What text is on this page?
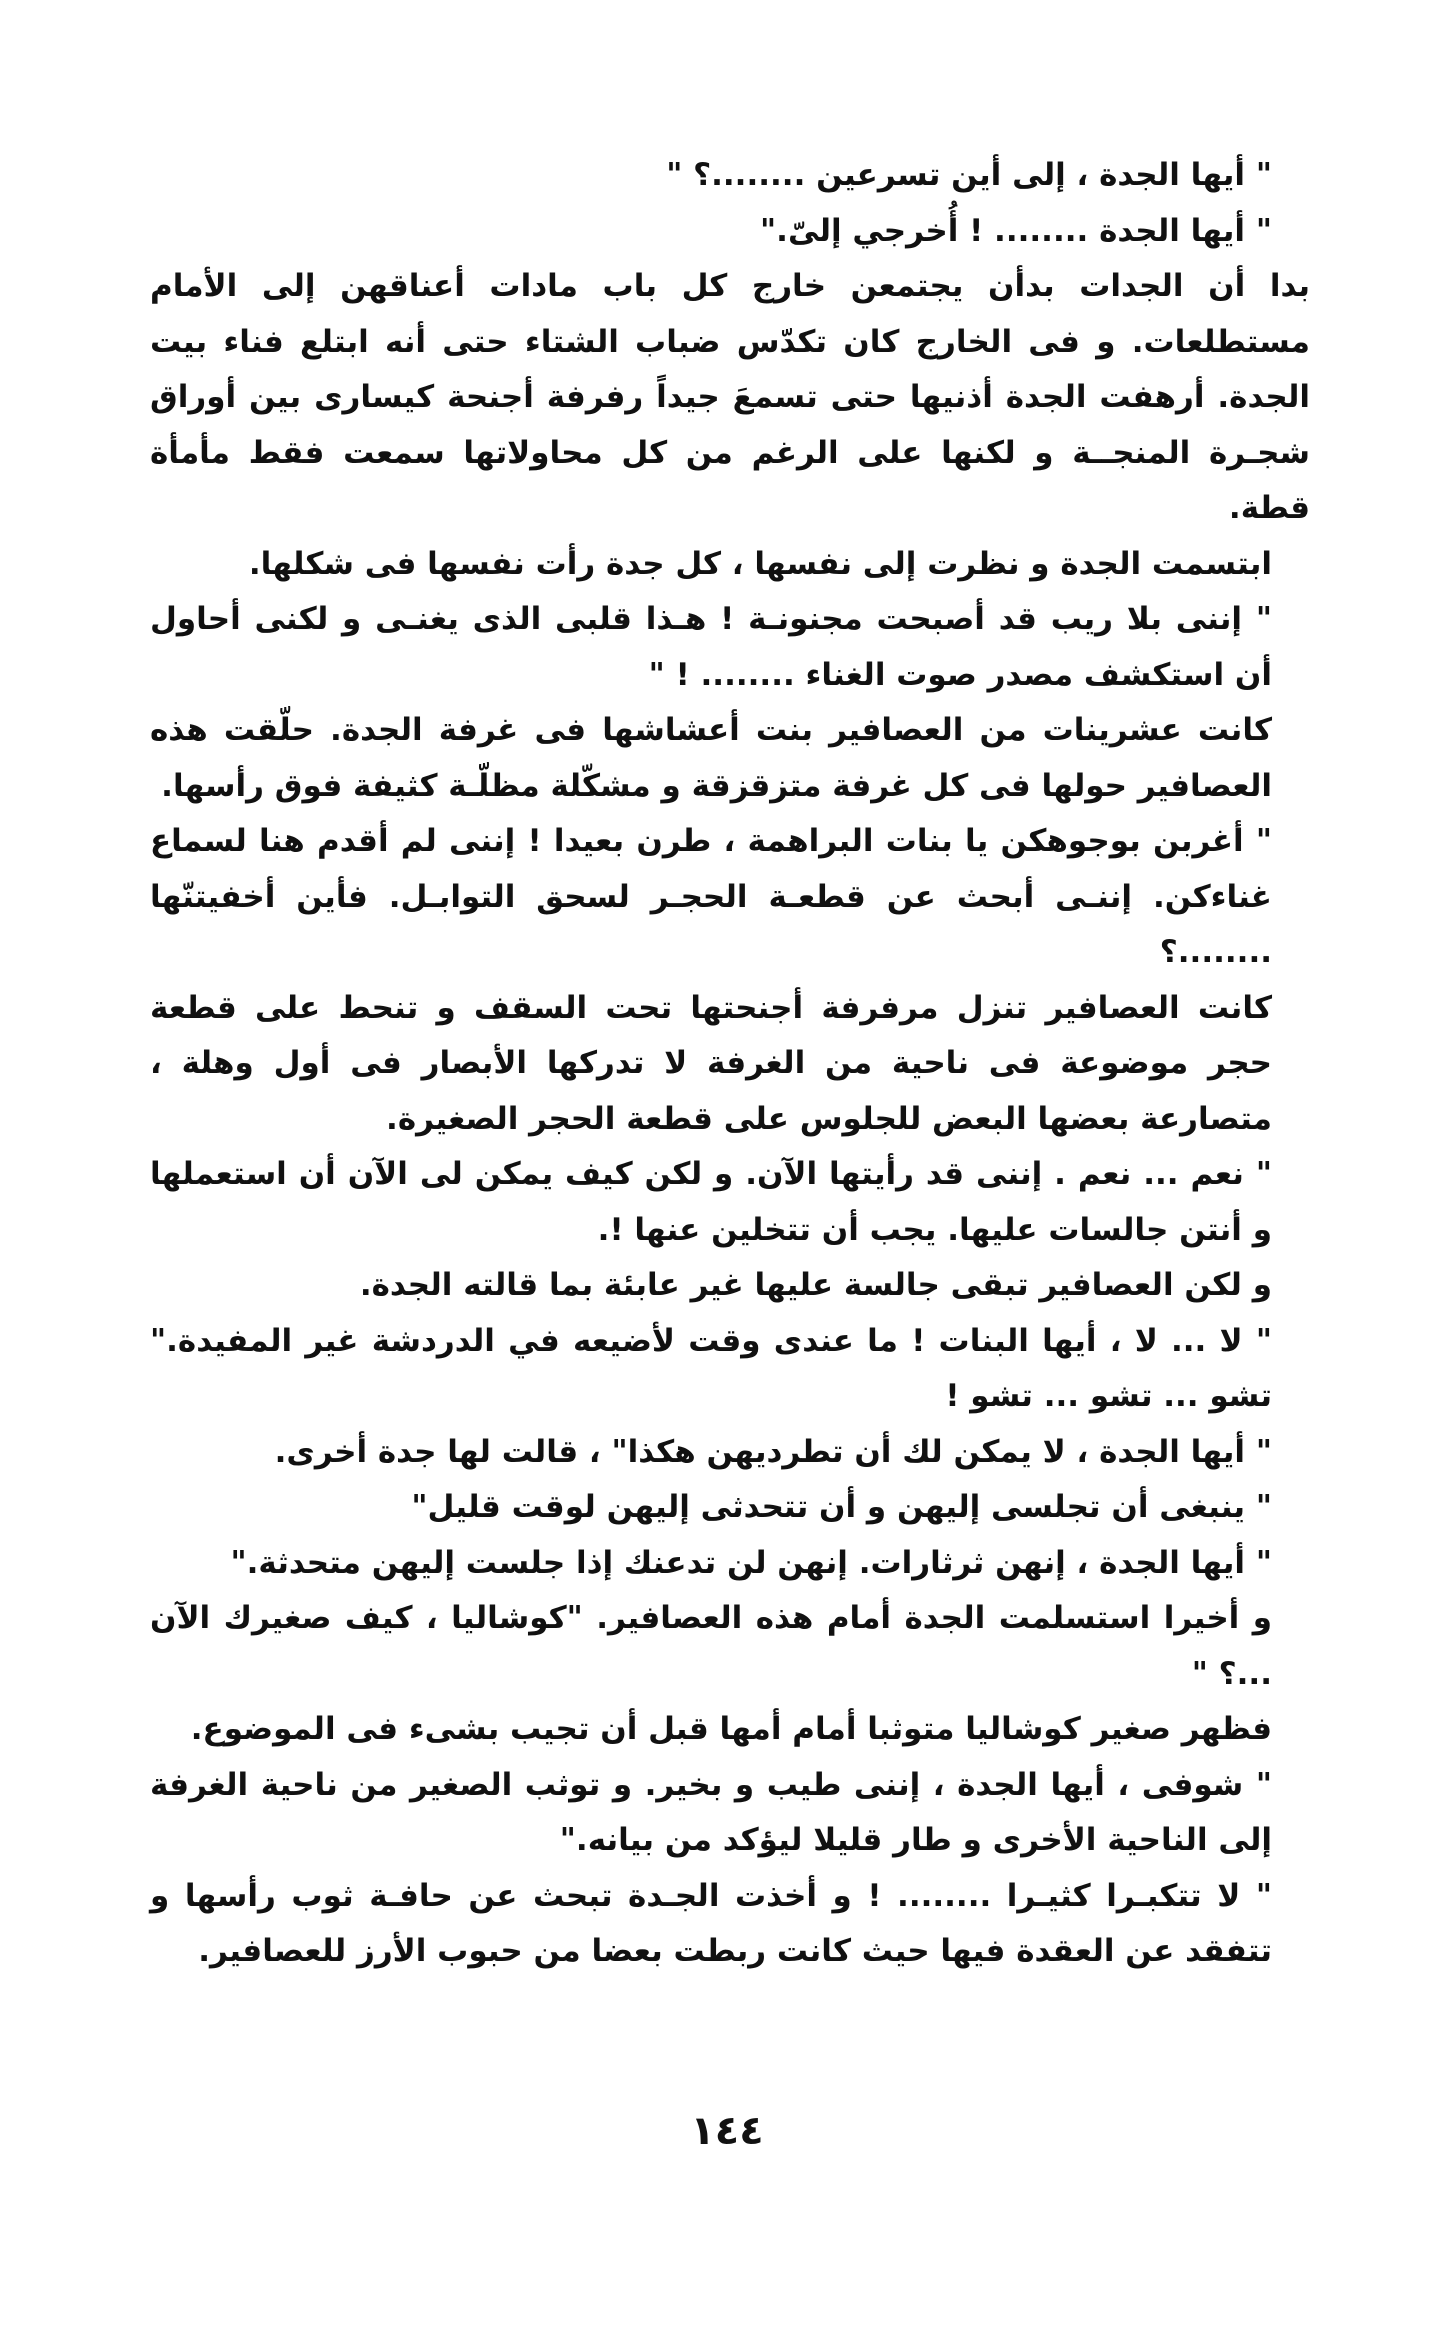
" أيها الجدة ، إلى أين تسرعين ........؟ "

" أيها الجدة ........ ! أُخرجي إلىّ."

بدا أن الجدات بدأن يجتمعن خارج كل باب مادات أعناقهن إلى الأمام مستطلعات. و فى الخارج كان تكدّس ضباب الشتاء حتى أنه ابتلع فناء بيت الجدة. أرهفت الجدة أذنيها حتى تسمعَ جيداً رفرفة أجنحة كيسارى بين أوراق شجـرة المنجــة و لكنها على الرغم من كل محاولاتها سمعت فقط مأمأة قطة.

ابتسمت الجدة و نظرت إلى نفسها ، كل جدة رأت نفسها فى شكلها.

" إننى بلا ريب قد أصبحت مجنونـة ! هـذا قلبى الذى يغنـى و لكنى أحاول أن استكشف مصدر صوت الغناء ........ ! "

كانت عشرينات من العصافير بنت أعشاشها فى غرفة الجدة. حلّقت هذه العصافير حولها فى كل غرفة متزقزقة و مشكّلة مظلّـة كثيفة فوق رأسها.

" أغربن بوجوهكن يا بنات البراهمة ، طرن بعيدا ! إننى لم أقدم هنا لسماع غناءكن. إننـى أبحث عن قطعـة الحجـر لسحق التوابـل. فأين أخفيتنّها ........؟

كانت العصافير تنزل مرفرفة أجنحتها تحت السقف و تنحط على قطعة حجر موضوعة فى ناحية من الغرفة لا تدركها الأبصار فى أول وهلة ، متصارعة بعضها البعض للجلوس على قطعة الحجر الصغيرة.

" نعم ... نعم . إننى قد رأيتها الآن. و لكن كيف يمكن لى الآن أن استعملها و أنتن جالسات عليها. يجب أن تتخلين عنها !.

و لكن العصافير تبقى جالسة عليها غير عابئة بما قالته الجدة.

" لا ... لا ، أيها البنات ! ما عندى وقت لأضيعه في الدردشة غير المفيدة." تشو ... تشو ... تشو !

" أيها الجدة ، لا يمكن لك أن تطرديهن هكذا" ، قالت لها جدة أخرى.

" ينبغى أن تجلسى إليهن و أن تتحدثى إليهن لوقت قليل"

" أيها الجدة ، إنهن ثرثارات. إنهن لن تدعنك إذا جلست إليهن متحدثة."

و أخيرا استسلمت الجدة أمام هذه العصافير. "كوشاليا ، كيف صغيرك الآن ...؟ "

فظهر صغير كوشاليا متوثبا أمام أمها قبل أن تجيب بشىء فى الموضوع.

" شوفى ، أيها الجدة ، إننى طيب و بخير. و توثب الصغير من ناحية الغرفة إلى الناحية الأخرى و طار قليلا ليؤكد من بيانه."

" لا تتكبـرا كثيـرا ........ ! و أخذت الجـدة تبحث عن حافـة ثوب رأسها و تتفقد عن العقدة فيها حيث كانت ربطت بعضا من حبوب الأرز للعصافير.

١٤٤
